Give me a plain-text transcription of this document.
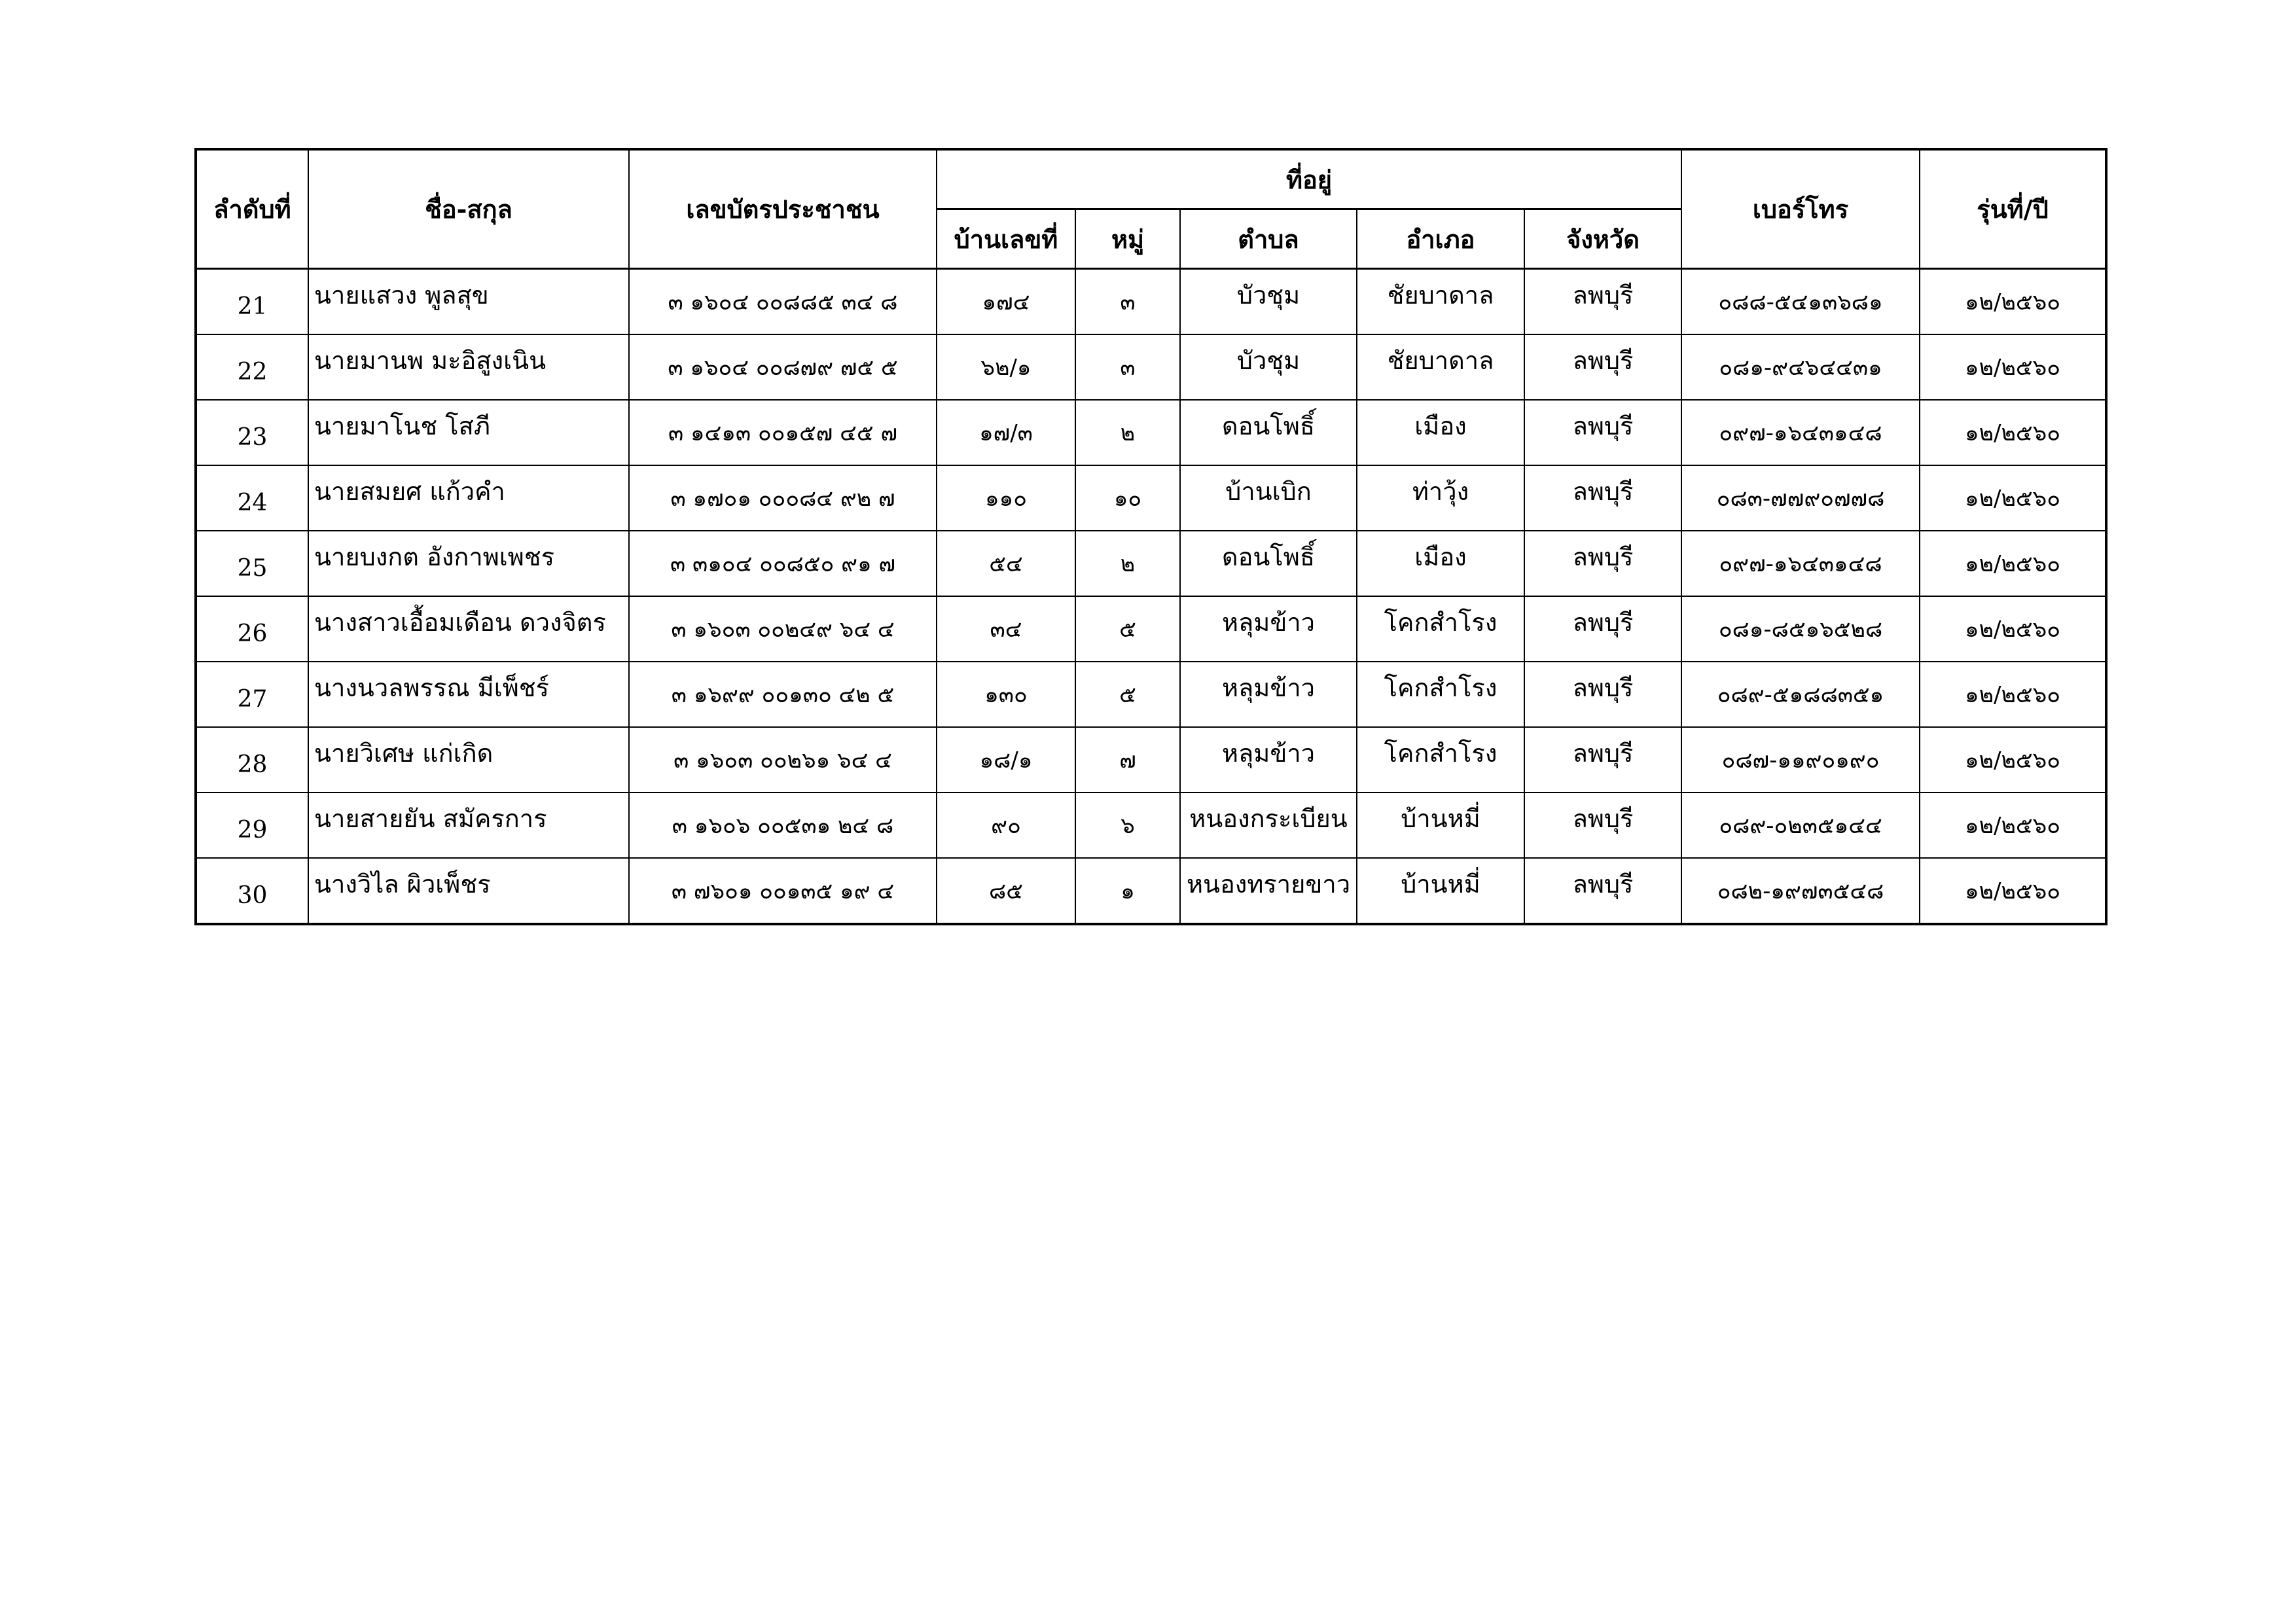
ลำดับที่	ชื่อ-สกุล	เลขบัตรประชาชน	ที่อยู่					เบอร์โทร	รุ่นที่/ปี
			บ้านเลขที่	หมู่	ตำบล	อำเภอ	จังหวัด		
21	นายแสวง พูลสุข	๓ ๑๖๐๔ ๐๐๘๘๕ ๓๔ ๘	๑๗๔	๓	บัวชุม	ชัยบาดาล	ลพบุรี	๐๘๘-๕๔๑๓๖๘๑	๑๒/๒๕๖๐
22	นายมานพ มะอิสูงเนิน	๓ ๑๖๐๔ ๐๐๘๗๙ ๗๕ ๕	๖๒/๑	๓	บัวชุม	ชัยบาดาล	ลพบุรี	๐๘๑-๙๔๖๔๔๓๑	๑๒/๒๕๖๐
23	นายมาโนช โสภี	๓ ๑๔๑๓ ๐๐๑๕๗ ๔๕ ๗	๑๗/๓	๒	ดอนโพธิ์	เมือง	ลพบุรี	๐๙๗-๑๖๔๓๑๔๘	๑๒/๒๕๖๐
24	นายสมยศ แก้วคำ	๓ ๑๗๐๑ ๐๐๐๘๔ ๙๒ ๗	๑๑๐	๑๐	บ้านเบิก	ท่าวุ้ง	ลพบุรี	๐๘๓-๗๗๙๐๗๗๘	๑๒/๒๕๖๐
25	นายบงกต อังกาพเพชร	๓ ๓๑๐๔ ๐๐๘๕๐ ๙๑ ๗	๕๔	๒	ดอนโพธิ์	เมือง	ลพบุรี	๐๙๗-๑๖๔๓๑๔๘	๑๒/๒๕๖๐
26	นางสาวเอื้อมเดือน ดวงจิตร	๓ ๑๖๐๓ ๐๐๒๔๙ ๖๔ ๔	๓๔	๕	หลุมข้าว	โคกสำโรง	ลพบุรี	๐๘๑-๘๕๑๖๕๒๘	๑๒/๒๕๖๐
27	นางนวลพรรณ มีเพ็ชร์	๓ ๑๖๙๙ ๐๐๑๓๐ ๔๒ ๕	๑๓๐	๕	หลุมข้าว	โคกสำโรง	ลพบุรี	๐๘๙-๕๑๘๘๓๕๑	๑๒/๒๕๖๐
28	นายวิเศษ แก่เกิด	๓ ๑๖๐๓ ๐๐๒๖๑ ๖๔ ๔	๑๘/๑	๗	หลุมข้าว	โคกสำโรง	ลพบุรี	๐๘๗-๑๑๙๐๑๙๐	๑๒/๒๕๖๐
29	นายสายยัน สมัครการ	๓ ๑๖๐๖ ๐๐๕๓๑ ๒๔ ๘	๙๐	๖	หนองกระเบียน	บ้านหมี่	ลพบุรี	๐๘๙-๐๒๓๕๑๔๔	๑๒/๒๕๖๐
30	นางวิไล ผิวเพ็ชร	๓ ๗๖๐๑ ๐๐๑๓๕ ๑๙ ๔	๘๕	๑	หนองทรายขาว	บ้านหมี่	ลพบุรี	๐๘๒-๑๙๗๓๕๔๘	๑๒/๒๕๖๐
